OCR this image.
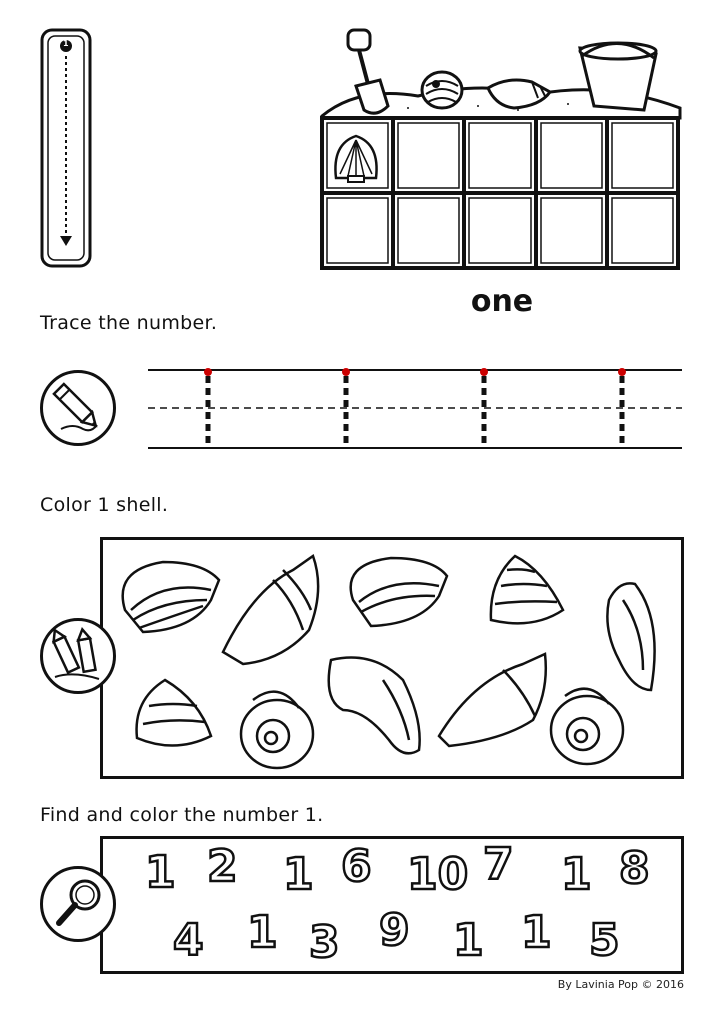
1
one
Trace the number.
Color 1 shell.
Find and color the number 1.
1 2 1 6 10 7 1 8
4 1 3 9 1 1 5
By Lavinia Pop © 2016
